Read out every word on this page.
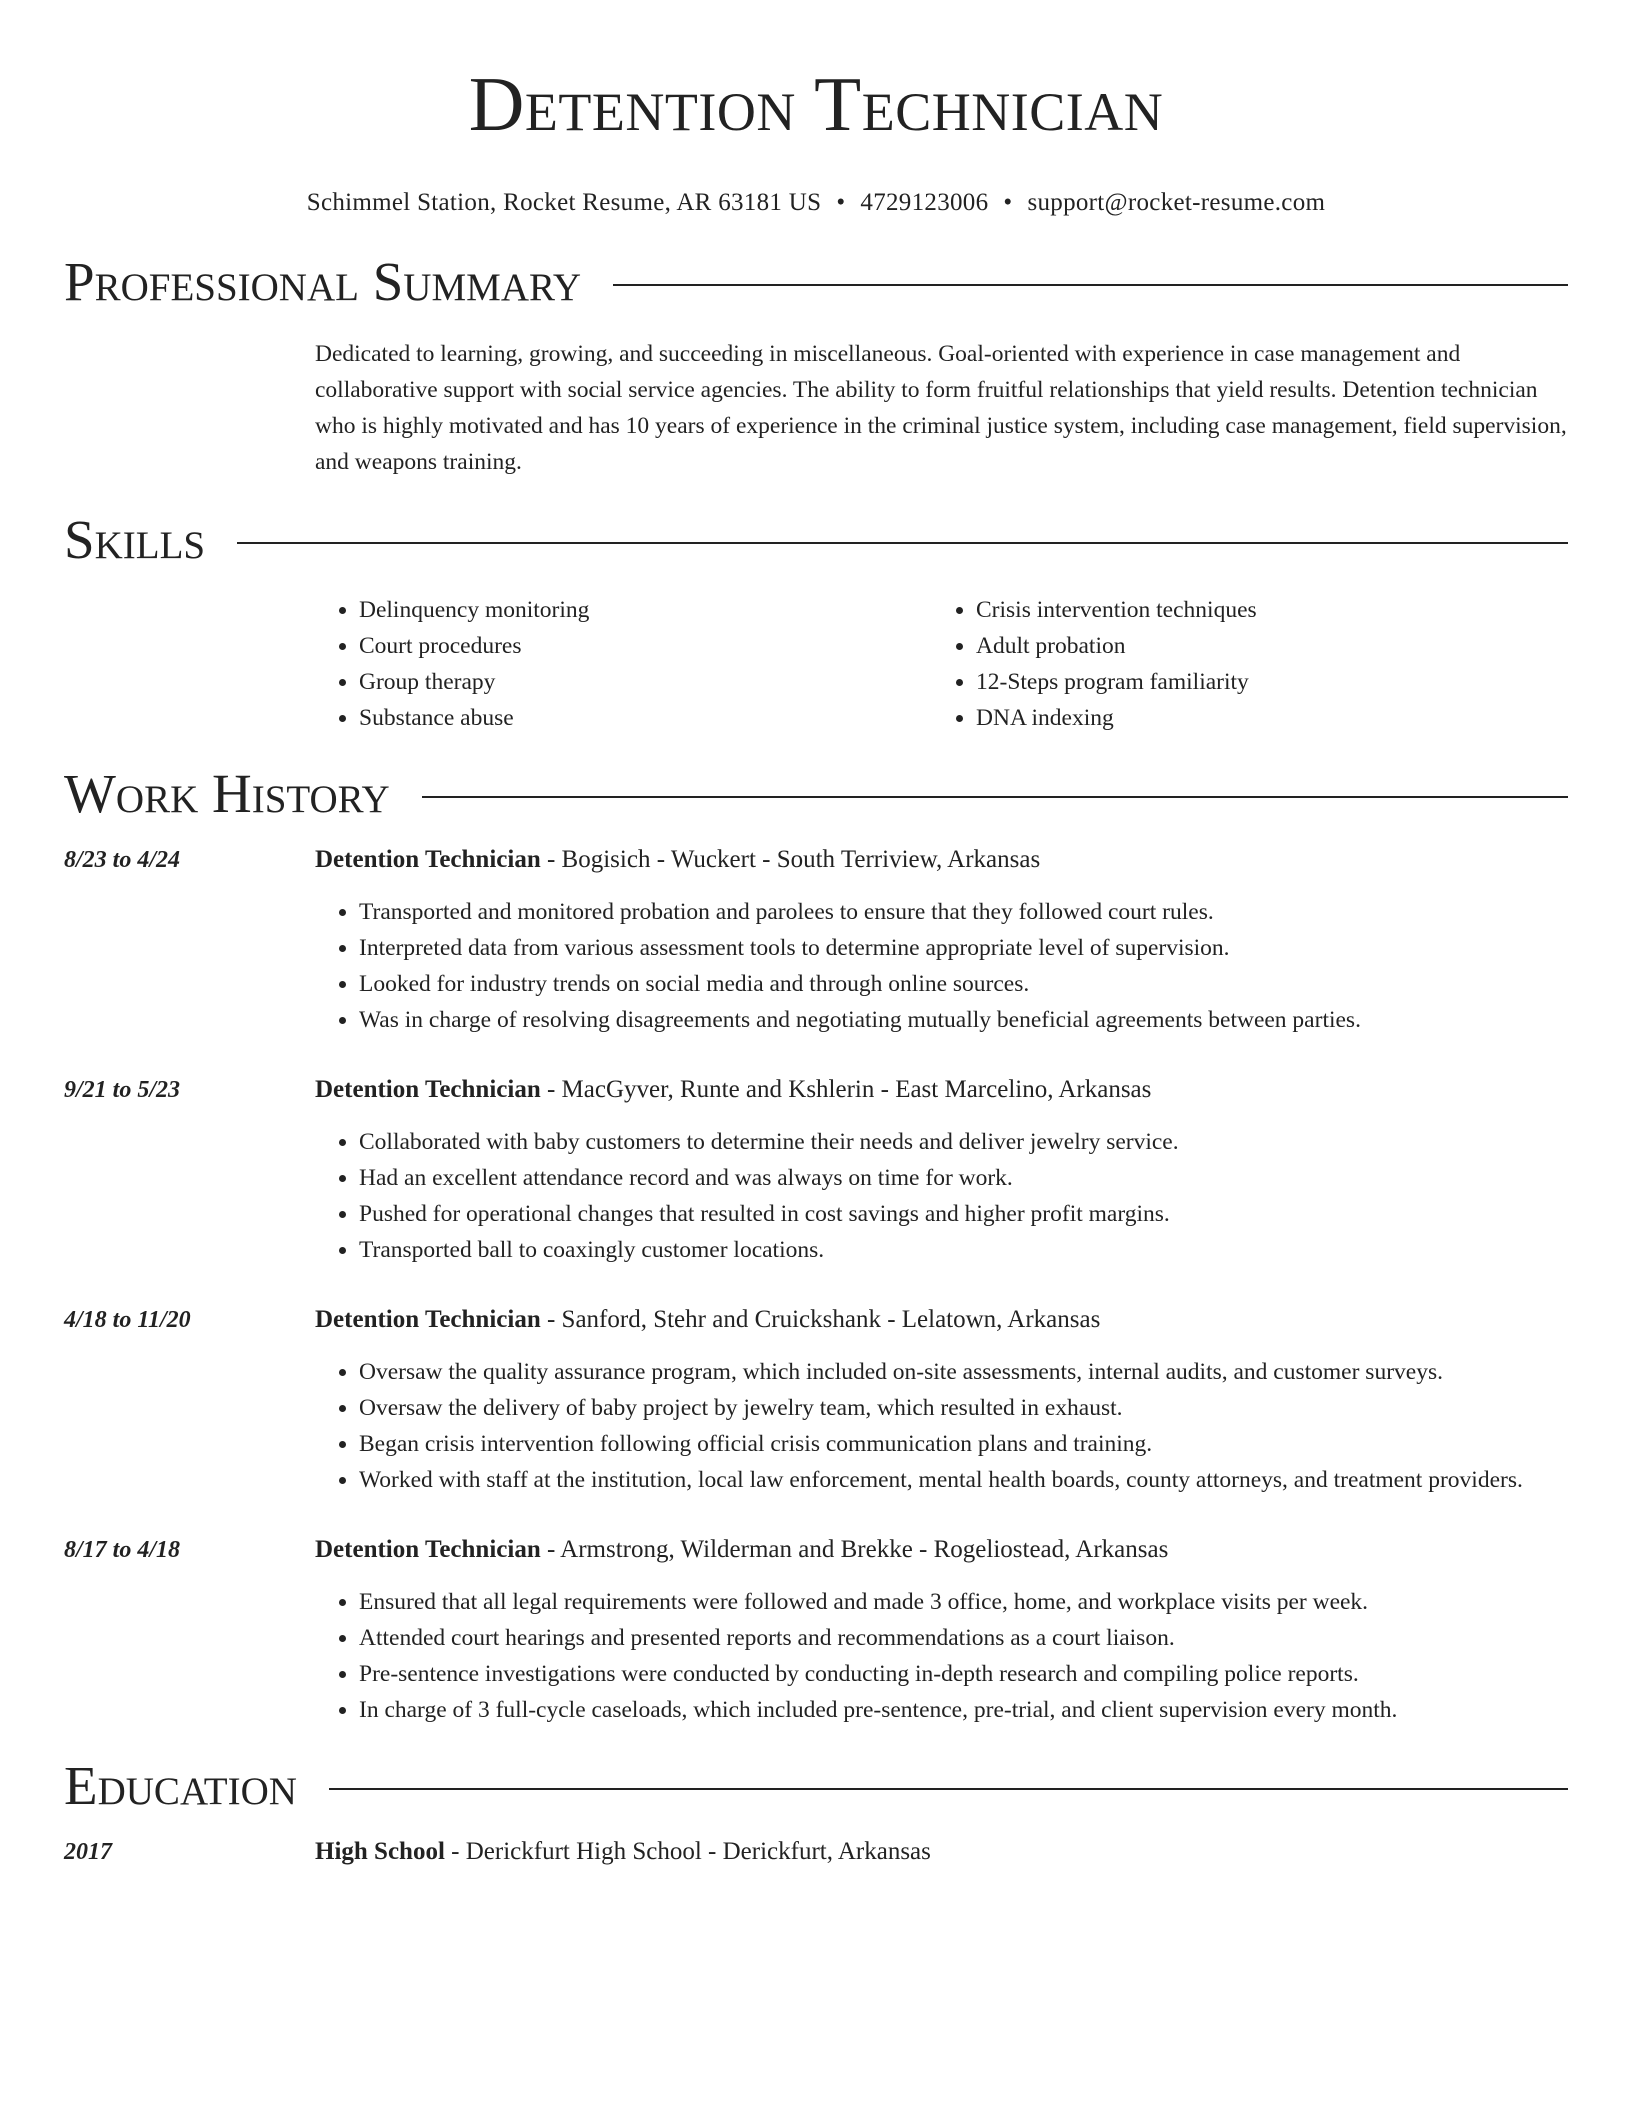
Detention Technician
Schimmel Station, Rocket Resume, AR 63181 US • 4729123006 • support@rocket-resume.com
Professional Summary
Dedicated to learning, growing, and succeeding in miscellaneous. Goal-oriented with experience in case management and collaborative support with social service agencies. The ability to form fruitful relationships that yield results. Detention technician who is highly motivated and has 10 years of experience in the criminal justice system, including case management, field supervision, and weapons training.
Skills
• Delinquency monitoring
• Court procedures
• Group therapy
• Substance abuse
• Crisis intervention techniques
• Adult probation
• 12-Steps program familiarity
• DNA indexing
Work History
8/23 to 4/24	Detention Technician - Bogisich - Wuckert - South Terriview, Arkansas
• Transported and monitored probation and parolees to ensure that they followed court rules.
• Interpreted data from various assessment tools to determine appropriate level of supervision.
• Looked for industry trends on social media and through online sources.
• Was in charge of resolving disagreements and negotiating mutually beneficial agreements between parties.
9/21 to 5/23	Detention Technician - MacGyver, Runte and Kshlerin - East Marcelino, Arkansas
• Collaborated with baby customers to determine their needs and deliver jewelry service.
• Had an excellent attendance record and was always on time for work.
• Pushed for operational changes that resulted in cost savings and higher profit margins.
• Transported ball to coaxingly customer locations.
4/18 to 11/20	Detention Technician - Sanford, Stehr and Cruickshank - Lelatown, Arkansas
• Oversaw the quality assurance program, which included on-site assessments, internal audits, and customer surveys.
• Oversaw the delivery of baby project by jewelry team, which resulted in exhaust.
• Began crisis intervention following official crisis communication plans and training.
• Worked with staff at the institution, local law enforcement, mental health boards, county attorneys, and treatment providers.
8/17 to 4/18	Detention Technician - Armstrong, Wilderman and Brekke - Rogeliostead, Arkansas
• Ensured that all legal requirements were followed and made 3 office, home, and workplace visits per week.
• Attended court hearings and presented reports and recommendations as a court liaison.
• Pre-sentence investigations were conducted by conducting in-depth research and compiling police reports.
• In charge of 3 full-cycle caseloads, which included pre-sentence, pre-trial, and client supervision every month.
Education
2017	High School - Derickfurt High School - Derickfurt, Arkansas
